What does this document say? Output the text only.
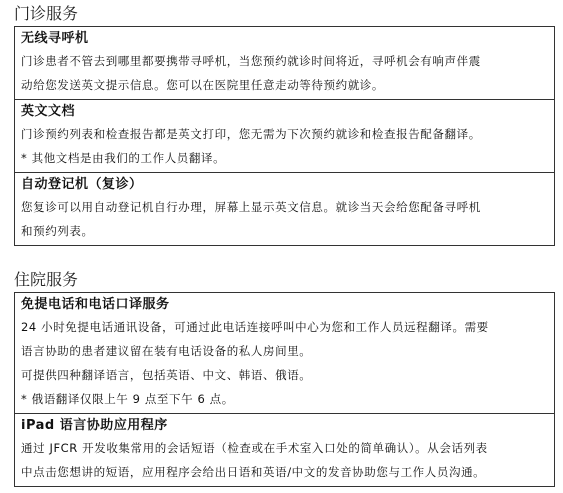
门诊服务
无线寻呼机
门诊患者不管去到哪里都要携带寻呼机，当您预约就诊时间将近，寻呼机会有响声伴震
动给您发送英文提示信息。您可以在医院里任意走动等待预约就诊。
英文文档
门诊预约列表和检查报告都是英文打印，您无需为下次预约就诊和检查报告配备翻译。
* 其他文档是由我们的工作人员翻译。
自动登记机（复诊）
您复诊可以用自动登记机自行办理，屏幕上显示英文信息。就诊当天会给您配备寻呼机
和预约列表。
住院服务
免提电话和电话口译服务
24 小时免提电话通讯设备，可通过此电话连接呼叫中心为您和工作人员远程翻译。需要
语言协助的患者建议留在装有电话设备的私人房间里。
可提供四种翻译语言，包括英语、中文、韩语、俄语。
* 俄语翻译仅限上午 9 点至下午 6 点。
iPad 语言协助应用程序
通过 JFCR 开发收集常用的会话短语（检查或在手术室入口处的简单确认）。从会话列表
中点击您想讲的短语，应用程序会给出日语和英语/中文的发音协助您与工作人员沟通。
